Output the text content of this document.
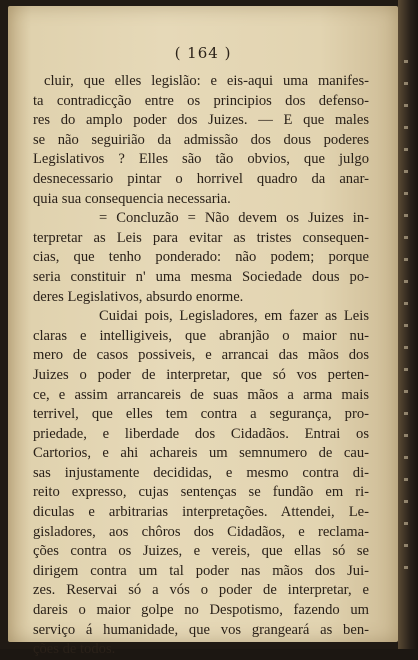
( 164 )
cluir, que elles legislão: e eis-aqui uma manifes-
ta contradicção entre os principios dos defenso-
res do amplo poder dos Juizes. — E que males
se não seguirião da admissão dos dous poderes
Legislativos ? Elles são tão obvios, que julgo
desnecessario pintar o horrivel quadro da anar-
quia sua consequencia necessaria.
= Concluzão = Não devem os Juizes in-
terpretar as Leis para evitar as tristes consequen-
cias, que tenho ponderado: não podem; porque
seria constituir n' uma mesma Sociedade dous po-
deres Legislativos, absurdo enorme.
Cuidai pois, Legisladores, em fazer as Leis
claras e intelligiveis, que abranjão o maior nu-
mero de casos possiveis, e arrancai das mãos dos
Juizes o poder de interpretar, que só vos perten-
ce, e assim arrancareis de suas mãos a arma mais
terrivel, que elles tem contra a segurança, pro-
priedade, e liberdade dos Cidadãos. Entrai os
Cartorios, e ahi achareis um semnumero de cau-
sas injustamente decididas, e mesmo contra di-
reito expresso, cujas sentenças se fundão em ri-
diculas e arbitrarias interpretações. Attendei, Le-
gisladores, aos chôros dos Cidadãos, e reclama-
ções contra os Juizes, e vereis, que ellas só se
dirigem contra um tal poder nas mãos dos Jui-
zes. Reservai só a vós o poder de interpretar, e
dareis o maior golpe no Despotismo, fazendo um
serviço á humanidade, que vos grangeará as ben-
ções de todos.
